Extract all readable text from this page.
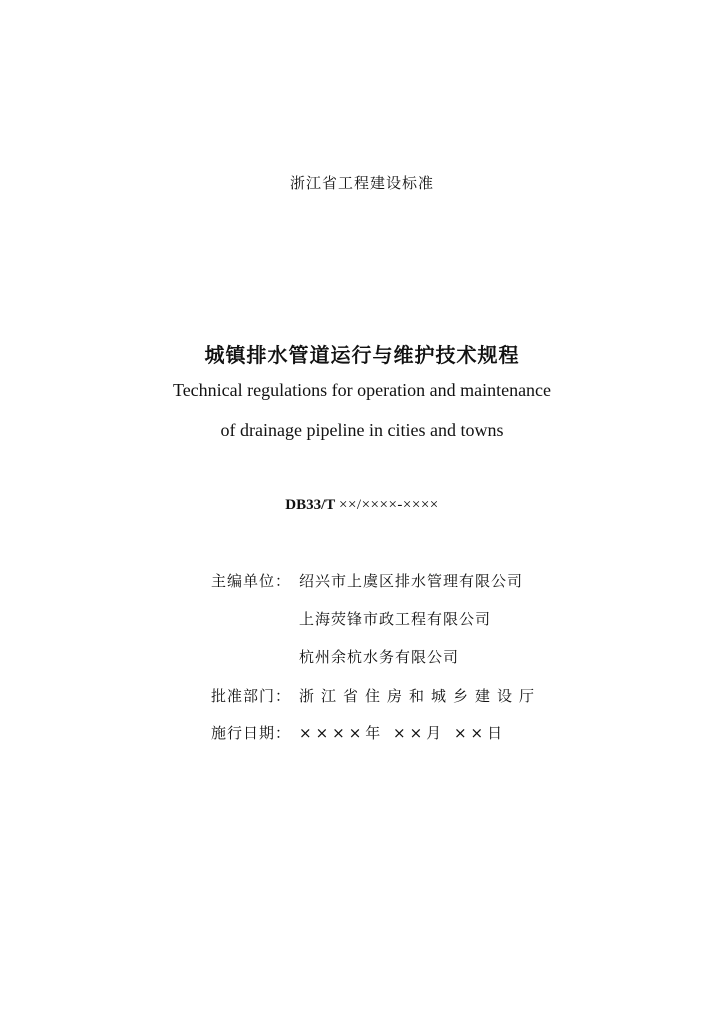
浙江省工程建设标准
城镇排水管道运行与维护技术规程
Technical regulations for operation and maintenance
of drainage pipeline in cities and towns
DB33/T ××/××××-××××
主编单位： 绍兴市上虞区排水管理有限公司
上海荧锋市政工程有限公司
杭州余杭水务有限公司
批准部门： 浙江省住房和城乡建设厅
施行日期： ××××年 ××月 ××日
